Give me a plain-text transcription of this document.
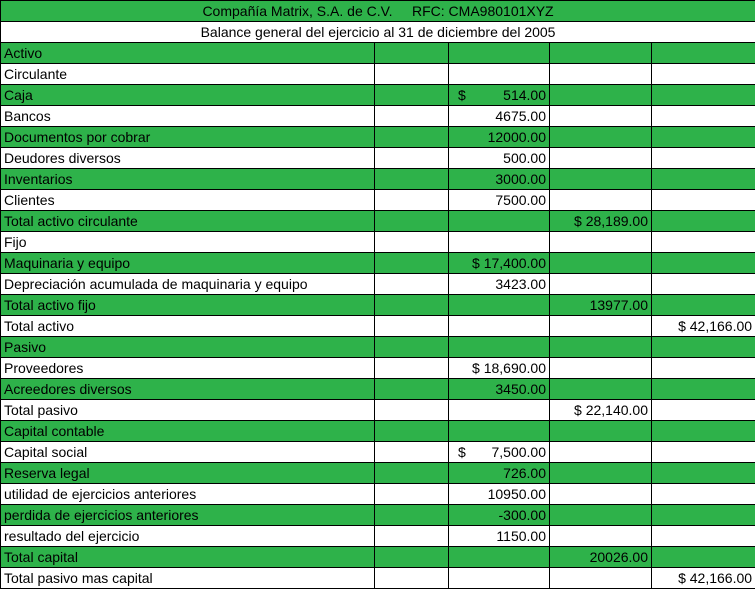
Compañía Matrix, S.A. de C.V.     RFC: CMA980101XYZ				
Balance general del ejercicio al 31 de diciembre del 2005				
Activo				
Circulante				
Caja		$ 514.00		

Bancos		4675.00		
Documentos por cobrar		12000.00		
Deudores diversos		500.00		
Inventarios		3000.00		
Clientes		7500.00		
Total activo circulante			$ 28,189.00	
Fijo				
Maquinaria y equipo		$ 17,400.00		
Depreciación acumulada de maquinaria y equipo		3423.00		
Total activo fijo			13977.00	
Total activo				$ 42,166.00
Pasivo				
Proveedores		$ 18,690.00		
Acreedores diversos		3450.00		
Total pasivo			$ 22,140.00	
Capital contable				
Capital social		$ 7,500.00		

Reserva legal		726.00		
utilidad de ejercicios anteriores		10950.00		
perdida de ejercicios anteriores		-300.00		
resultado del ejercicio		1150.00		
Total capital			20026.00	
Total pasivo mas capital				$ 42,166.00
